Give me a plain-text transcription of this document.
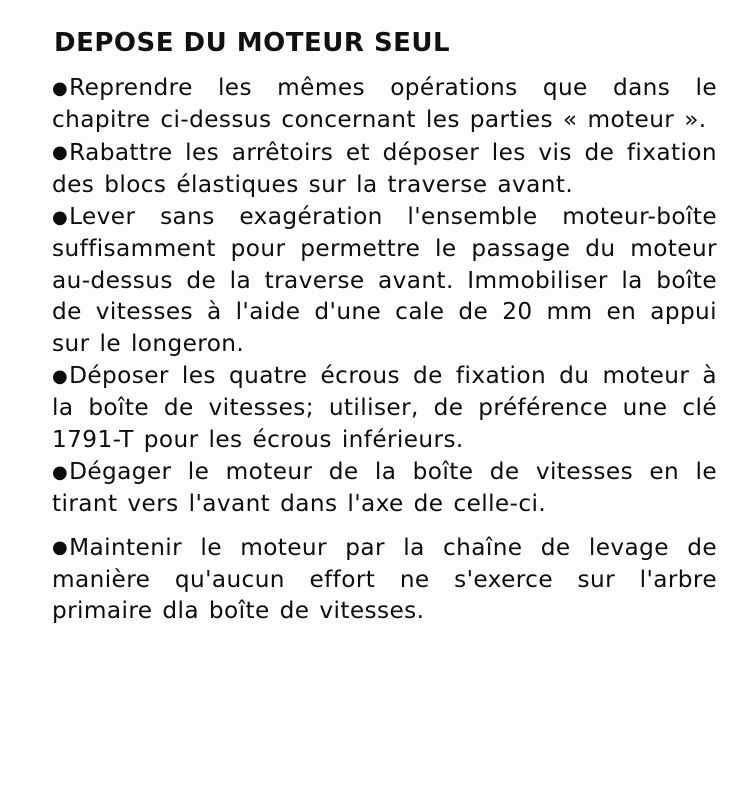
DEPOSE DU MOTEUR SEUL

●Reprendre les mêmes opérations que dans le chapitre ci-dessus concernant les parties « moteur ».

●Rabattre les arrêtoirs et déposer les vis de fixation des blocs élastiques sur la traverse avant.

●Lever sans exagération l'ensemble moteur-boîte suffisamment pour permettre le passage du moteur au-dessus de la traverse avant. Immobiliser la boîte de vitesses à l'aide d'une cale de 20 mm en appui sur le longeron.

●Déposer les quatre écrous de fixation du moteur à la boîte de vitesses; utiliser, de préférence une clé 1791-T pour les écrous inférieurs.

●Dégager le moteur de la boîte de vitesses en le tirant vers l'avant dans l'axe de celle-ci.

●Maintenir le moteur par la chaîne de levage de manière qu'aucun effort ne s'exerce sur l'arbre primaire dla boîte de vitesses.
